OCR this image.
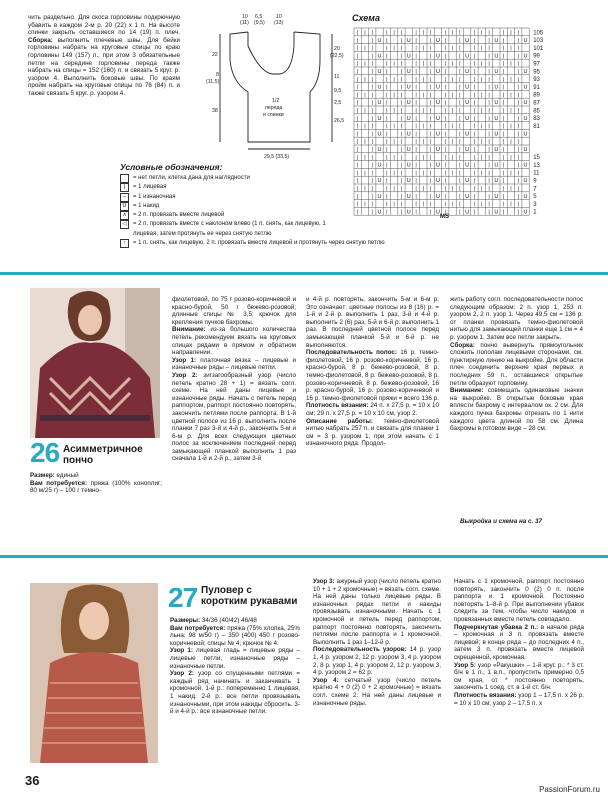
чить раздельно. Для скоса горловины подкрючную убавить в каждом 2-м р. 20 (22) х 1 п. На высоте спинки закрыть оставшиеся по 14 (19) п. плеч. Сборка: выполнить плечевые швы. Для бейки горловины набрать на круговые спицы по краю горловины 149 (157) п., при этом 3 обязательные петли на середине горловины переда также набрать на спицы = 152 (160) п. и связать 5 круг. р. узором 4. Выполнить боковые швы. По краям пройм набрать на круговые спицы по 76 (84) п. и также связать 5 круг. р. узором 4.

10 6,5	10
(11) (9,5) (13)
22
20
(22,5)
8
(11,5)
11
9,5
2,5
38
1/2
переда
и спинки
26,5
29,5 (33,5)
Схема
| | | | | | | | | | | | | | | | | |
| | U | | U | | U | | U | | U | | U
| | | | | | | | | | | | | | | | | |
| | U | | U | | U | | U | | U | | U
| | | | | | | | | | | | | | | | | |
| | U | | U | | U | | U | | U | | U
| | | | | | | | | | | | | | | | | |
| | U | | U | | U | | U | | U | | U
| | | | | | | | | | | | | | | | | |
| | U | | U | | U | | U | | U | | U
| | | | | | | | | | | | | | | | | |
| | U | | U | | U | | U | | U | | U
| | | | | | | | | | | | | | | | | |
| | U | | U | | U | | U | | U | | U
| | | | | | | | | | | | | | | | | |
| | U | | U | | U | | U | | U | | U
| | | | | | | | | | | | | | | | | |
| | U | | U | | U | | U | | U | | U
| | | | | | | | | | | | | | | | | |
| | U | | U | | U | | U | | U | | U
| | | | | | | | | | | | | | | | | |
| | U | | U | | U | | U | | U | | U
| | | | | | | | | | | | | | | | | |
| | U | | U | | U | | U | | U | | U
105
103
101
99
97
95
93
91
89
87
85
83
81
15
13
11
9
7
5
3
1
MS
Условные обозначения:
= нет петли, клетка дана для наглядности
|	= 1 лицевая
–	= 1 изнаночная
U	= 1 накид
∧	= 2 п. провязать вместе лицевой
◁	= 2 п. провязать вместе с наклоном влево (1 п. снять, как лицевую, 1 лицевая, затем протянуть ее через снятую петлю
↑	= 1 п. снять, как лицевую, 2 п. провязать вместе лицевой и протянуть через снятую петлю
26 Асимметричное пончо

Размер: единый

Вам потребуется: пряжа (100% коноплиг; 80 м/25 г) – 100 г темно-

фиолетовой, по 75 г розово-коричневой и красно-бурой, 50 г бежево-розовой; длинные спицы № 3,5; крючок для крепления пучков бахромы.

Внимание: из-за большого количества петель рекомендуем вязать на круговых спицах рядами в прямом и обратном направлении.

Узор 1: платочная вязка – лицевые и изнаночные ряды – лицевые петли.

Узор 2: зигзагообразный узор (число петель кратно 28 + 1) = вязать согл. схеме. На ней даны лицевые и изнаночные ряды. Начать с петель перед раппортом, раппорт постоянно повторять, закончить петлями после раппорта. В 1-й цветной полосе из 16 р. выполнить после планки 7 раз 3-й и 4-й р., закончить 5-м и 6-м р. Для всех следующих цветных полос за исключением последней перед замыкающей планкой выполнить 1 раз сначала 1-й и 2-й р., затем 3-й

и 4-й р. повторять, закончить 5-м и 6-м р. Это означает: цветные полосы из 8 (16) р. = 1-й и 2-й р. выполнить 1 раз, 3-й и 4-й р. выполнить 2 (6) раз, 5-й и 6-й р. выполнить 1 раз. В последней цветной полосе перед замыкающей планкой 5-й и 6-й р. не выполняются.

Последовательность полос: 16 р. темно-фиолетовой, 16 р. розово-коричневой, 16 р. красно-бурой, 8 р. бежево-розовой, 8 р. темно-фиолетовой, 8 р. бежево-розовой, 8 р. розово-коричневой, 8 р. бежево-розовой, 16 р. красно-бурой, 16 р. розово-коричневой и 16 р. темно-фиолетовой пряжи = всего 136 р.

Плотность вязания: 24 п. х 27,5 р. = 10 х 10 см; 29 п. х 27,5 р. = 10 х 10 см, узор 2.

Описание работы: темно-фиолетовой нитью набрать 257 п. и связать для планки 1 см = 3 р. узором 1, при этом начать с 1 изнаночного ряда. Продол-

жить работу согл. последовательности полос следующим образом: 2 п. узор 1, 253 п. узором 2, 2 п. узор 1. Через 49,5 см = 136 р. от планки провязать темно-фиолетовой нитью для замыкающей планки еще 1 см = 4 р. узором 1. Затем все петли закрыть.

Сборка: пончо вывернуть прямоугольник сложить пополам лицевыми сторонами, см. пунктирную линию на выкройке. Для области плеч соединить верхние края первых и последних 59 п., оставшиеся открытые петли образуют горловину.

Внимание: совмещать одинаковые значки на выкройке. В открытые боковые края вплести бахрому с интервалом ок. 2 см. Для каждого пучка бахромы отрезать по 1 нити каждого цвета длиной по 58 см. Длина бахромы в готовом виде – 28 см.

Выкройка и схема на с. 37
27 Пуловер с коротким рукавами

Размеры: 34/36 (40/42) 46/48

Вам потребуется: пряжа (75% хлопка, 25% льна; 98 м/50 г) – 350 (400) 450 г розово-коричневой; спицы № 4; крючок № 4.

Узор 1: лицевая гладь = лицевые ряды – лицевые петли, изнаночные ряды – изнаночные петли.

Узор 2: узор со спущенными петлями = каждый ряд начинать и заканчивать 1 кромочной. 1-й р.: попеременно 1 лицевая, 1 накид. 2-й р.: все петли провязывать изнаночными, при этом накиды сбросить. 3-й и 4-й р.: все изнаночные петли.

Узор 3: ажурный узор (число петель кратно 10 + 1 + 2 кромочные) = вязать согл. схеме. На ней даны только лицевые ряды. В изнаночных рядах петли и накиды провязывать изнаночными. Начать с 1 кромочной и петель перед раппортом, раппорт постоянно повторять, закончить петлями после раппорта и 1 кромочной. Выполнить 1 раз 1–12-й р.

Последовательность узоров: 14 р. узор 1, 4 р. узором 2, 12 р. узором 3, 4 р. узором 2, 8 р. узор 1, 4 р. узором 2, 12 р. узором 3, 4 р. узором 2 = 62 р.

Узор 4: сетчатый узор (число петель кратно 4 + 0 (2) 0 + 2 кромочные) = вязать согл. схеме 2. На ней даны лицевые и изнаночные ряды.

Начать с 1 кромочной, раппорт постоянно повторять, закончить 0 (2) 0 п. после раппорта и 1 кромочной. Постоянно повторять 1–8-й р. При выполнении убавок следить за тем, чтобы число накидов и провязанных вместе петель совпадало.

Подчеркнутая убавка 2 п.: в начале ряда – кромочная и 3 п. провязать вместе лицевой; в конце ряда – до последних 4 п., затем 3 п. провязать вместе лицевой скрещенной, кромочная.

Узор 5: узор «Ракушки» – 1-й круг. р.: * 3 ст. б/н в 1 п., 1 в.п., пропустить примерно 0,5 см края, от * постоянно повторять, закончить 1 соед. ст. в 1-й ст. б/н.

Плотность вязания: узор 1 – 17,5 п. х 26 р. = 10 х 10 см; узор 2 – 17,5 п. х

36
PassionForum.ru
